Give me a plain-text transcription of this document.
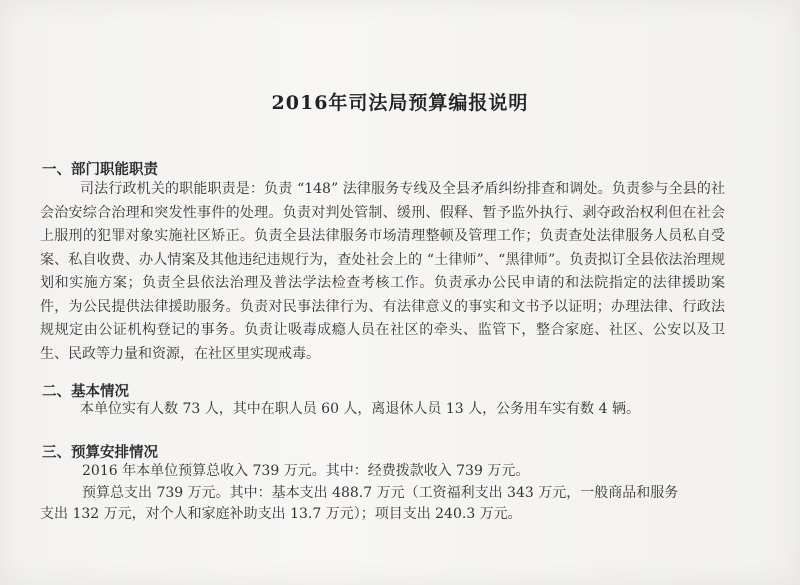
2016年司法局预算编报说明
一、部门职能职责
司法行政机关的职能职责是：负责 “148” 法律服务专线及全县矛盾纠纷排查和调处。负责参与全县的社会治安综合治理和突发性事件的处理。负责对判处管制、缓刑、假释、暂予监外执行、剥夺政治权利但在社会上服刑的犯罪对象实施社区矫正。负责全县法律服务市场清理整顿及管理工作；负责查处法律服务人员私自受案、私自收费、办人情案及其他违纪违规行为，查处社会上的 “土律师”、“黑律师”。负责拟订全县依法治理规划和实施方案；负责全县依法治理及普法学法检查考核工作。负责承办公民申请的和法院指定的法律援助案件，为公民提供法律援助服务。负责对民事法律行为、有法律意义的事实和文书予以证明；办理法律、行政法规规定由公证机构登记的事务。负责让吸毒成瘾人员在社区的牵头、监管下，整合家庭、社区、公安以及卫生、民政等力量和资源，在社区里实现戒毒。
二、基本情况
本单位实有人数 73 人，其中在职人员 60 人，离退休人员 13 人，公务用车实有数 4 辆。
三、预算安排情况
2016 年本单位预算总收入 739 万元。其中：经费拨款收入 739 万元。
预算总支出 739 万元。其中：基本支出 488.7 万元（工资福利支出 343 万元，一般商品和服务
支出 132 万元，对个人和家庭补助支出 13.7 万元）；项目支出 240.3 万元。
